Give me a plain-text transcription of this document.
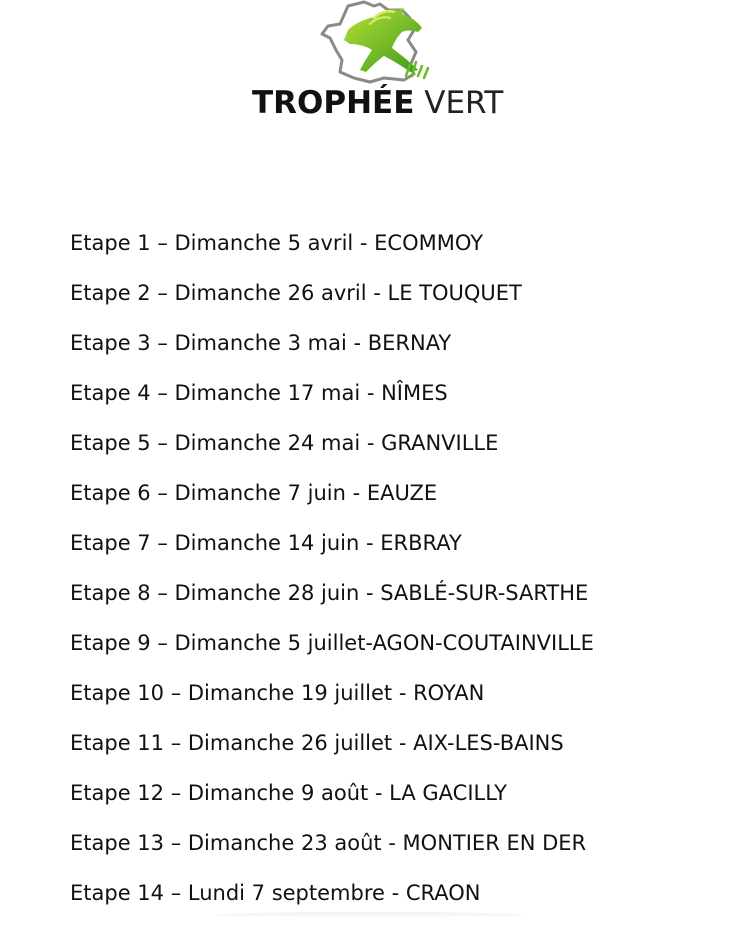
TROPHÉE VERT
Etape 1 – Dimanche 5 avril - ECOMMOY
Etape 2 – Dimanche 26 avril - LE TOUQUET
Etape 3 – Dimanche 3 mai - BERNAY
Etape 4 – Dimanche 17 mai - NÎMES
Etape 5 – Dimanche 24 mai - GRANVILLE
Etape 6 – Dimanche 7 juin - EAUZE
Etape 7 – Dimanche 14 juin - ERBRAY
Etape 8 – Dimanche 28 juin - SABLÉ-SUR-SARTHE
Etape 9 – Dimanche 5 juillet-AGON-COUTAINVILLE
Etape 10 – Dimanche 19 juillet - ROYAN
Etape 11 – Dimanche 26 juillet - AIX-LES-BAINS
Etape 12 – Dimanche 9 août - LA GACILLY
Etape 13 – Dimanche 23 août - MONTIER EN DER
Etape 14 – Lundi 7 septembre - CRAON
